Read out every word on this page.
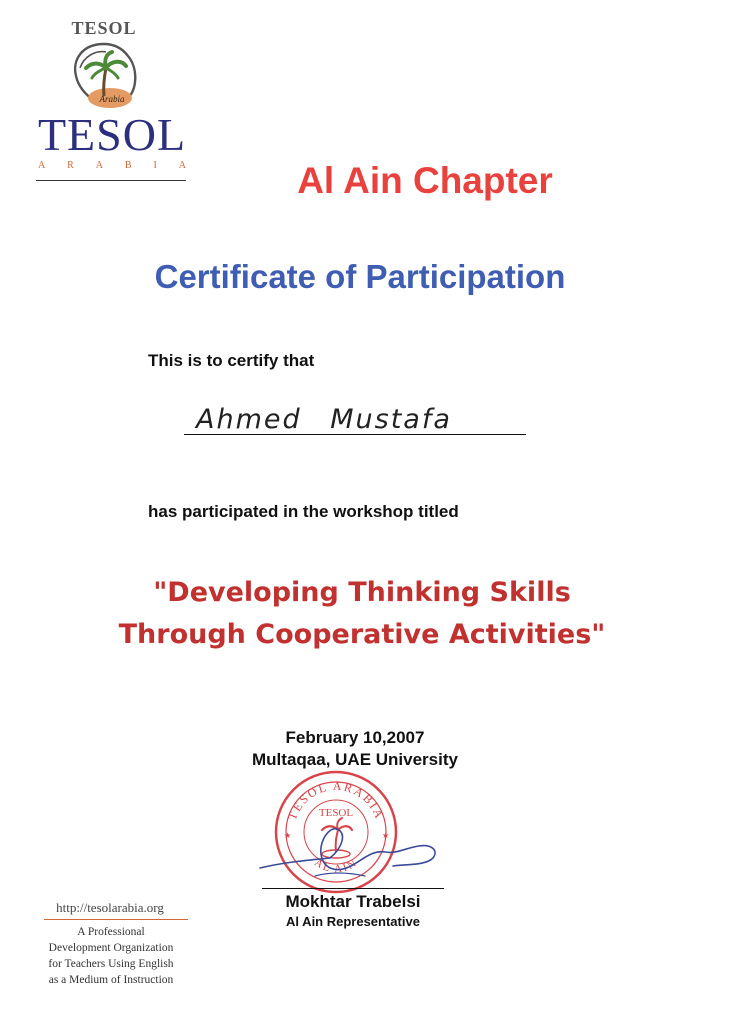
TESOL
Arabia
TESOL
A R A B I A	Al Ain Chapter
Certificate of Participation
This is to certify that
Ahmed Mustafa
has participated in the workshop titled
"Developing Thinking Skills
Through Cooperative Activities"
February 10,2007
Multaqaa, UAE University
TESOL ARABIA
AL AIN
TESOL
★	★
Mokhtar Trabelsi
Al Ain Representative
http://tesolarabia.org
A Professional
Development Organization
for Teachers Using English
as a Medium of Instruction
